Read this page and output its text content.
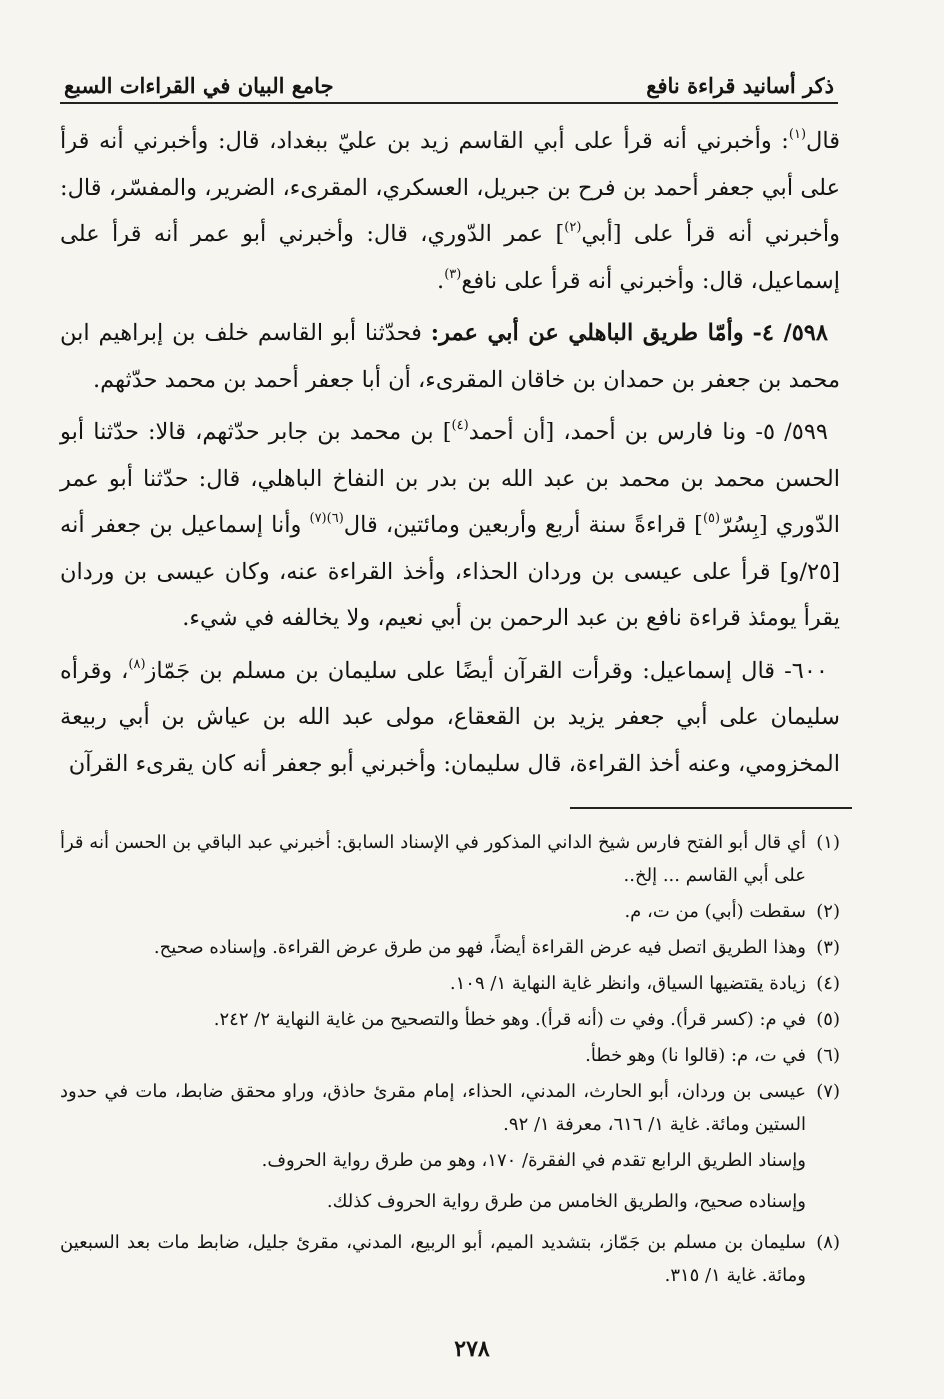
ذكر أسانيد قراءة نافع
جامع البيان في القراءات السبع

قال$^{(١)}$: وأخبرني أنه قرأ على أبي القاسم زيد بن عليّ ببغداد، قال: وأخبرني أنه قرأ على أبي جعفر أحمد بن فرح بن جبريل، العسكري، المقرىء، الضرير، والمفسّر، قال: وأخبرني أنه قرأ على [أبي$^{(٢)}$] عمر الدّوري، قال: وأخبرني أبو عمر أنه قرأ على إسماعيل، قال: وأخبرني أنه قرأ على نافع$^{(٣)}$.

٥٩٨/ ٤- وأمّا طريق الباهلي عن أبي عمر: فحدّثنا أبو القاسم خلف بن إبراهيم ابن محمد بن جعفر بن حمدان بن خاقان المقرىء، أن أبا جعفر أحمد بن محمد حدّثهم.

٥٩٩/ ٥- ونا فارس بن أحمد، [أن أحمد$^{(٤)}$] بن محمد بن جابر حدّثهم، قالا: حدّثنا أبو الحسن محمد بن محمد بن عبد الله بن بدر بن النفاخ الباهلي، قال: حدّثنا أبو عمر الدّوري [بِسُرّ$^{(٥)}$] قراءةً سنة أربع وأربعين ومائتين، قال$^{(٦)(٧)}$ وأنا إسماعيل بن جعفر أنه [٢٥/و] قرأ على عيسى بن وردان الحذاء، وأخذ القراءة عنه، وكان عيسى بن وردان يقرأ يومئذ قراءة نافع بن عبد الرحمن بن أبي نعيم، ولا يخالفه في شيء.

٦٠٠- قال إسماعيل: وقرأت القرآن أيضًا على سليمان بن مسلم بن جَمّاز$^{(٨)}$، وقرأه سليمان على أبي جعفر يزيد بن القعقاع، مولى عبد الله بن عياش بن أبي ربيعة المخزومي، وعنه أخذ القراءة، قال سليمان: وأخبرني أبو جعفر أنه كان يقرىء القرآن

(١)
أي قال أبو الفتح فارس شيخ الداني المذكور في الإسناد السابق: أخبرني عبد الباقي بن الحسن أنه قرأ على أبي القاسم ... إلخ..
(٢)
سقطت (أبي) من ت، م.
(٣)
وهذا الطريق اتصل فيه عرض القراءة أيضاً، فهو من طرق عرض القراءة. وإسناده صحيح.
(٤)
زيادة يقتضيها السياق، وانظر غاية النهاية ١/ ١٠٩.
(٥)
في م: (كسر قرأ). وفي ت (أنه قرأ). وهو خطأ والتصحيح من غاية النهاية ٢/ ٢٤٢.
(٦)
في ت، م: (قالوا نا) وهو خطأ.
(٧)
عيسى بن وردان، أبو الحارث، المدني، الحذاء، إمام مقرئ حاذق، وراو محقق ضابط، مات في حدود الستين ومائة. غاية ١/ ٦١٦، معرفة ١/ ٩٢.
وإسناد الطريق الرابع تقدم في الفقرة/ ١٧٠، وهو من طرق رواية الحروف.
وإسناده صحيح، والطريق الخامس من طرق رواية الحروف كذلك.
(٨)
سليمان بن مسلم بن جَمّاز، بتشديد الميم، أبو الربيع، المدني، مقرئ جليل، ضابط مات بعد السبعين ومائة. غاية ١/ ٣١٥.
٢٧٨
